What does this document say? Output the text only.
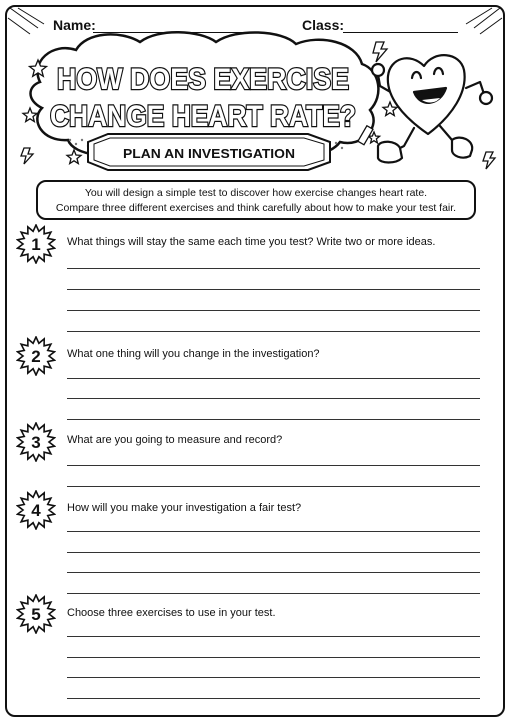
Name:	Class:
HOW DOES EXERCISE
CHANGE HEART RATE?
PLAN AN INVESTIGATION
You will design a simple test to discover how exercise changes heart rate.
Compare three different exercises and think carefully about how to make your test fair.
1 What things will stay the same each time you test? Write two or more ideas.
2 What one thing will you change in the investigation?
3 What are you going to measure and record?
4 How will you make your investigation a fair test?
5 Choose three exercises to use in your test.
